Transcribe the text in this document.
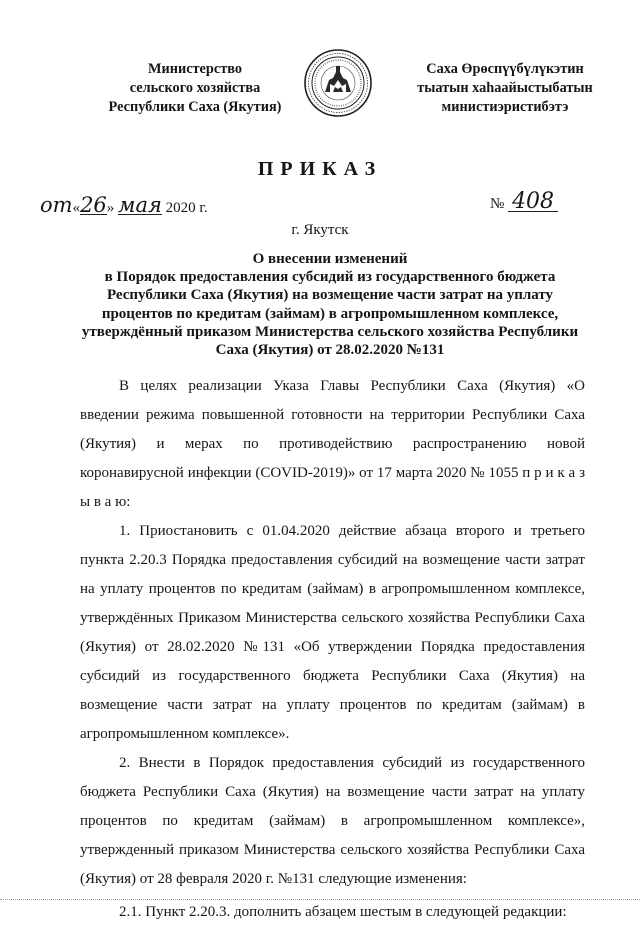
Министерство
сельского хозяйства
Республики Саха (Якутия)
Саха Өрөспүүбүлүкэтин
тыатын хаһаайыстыбатын
министиэристибэтэ
ПРИКАЗ
от«26» мая 2020 г.	№ 408
г. Якутск
О внесении изменений
в Порядок предоставления субсидий из государственного бюджета
Республики Саха (Якутия) на возмещение части затрат на уплату
процентов по кредитам (займам) в агропромышленном комплексе,
утверждённый приказом Министерства сельского хозяйства Республики
Саха (Якутия) от 28.02.2020 №131

В целях реализации Указа Главы Республики Саха (Якутия) «О введении режима повышенной готовности на территории Республики Саха (Якутия) и мерах по противодействию распространению новой коронавирусной инфекции (COVID-2019)» от 17 марта 2020 № 1055 п р и к а з ы в а ю:

1. Приостановить с 01.04.2020 действие абзаца второго и третьего пункта 2.20.3 Порядка предоставления субсидий на возмещение части затрат на уплату процентов по кредитам (займам) в агропромышленном комплексе, утверждённых Приказом Министерства сельского хозяйства Республики Саха (Якутия) от 28.02.2020 №131 «Об утверждении Порядка предоставления субсидий из государственного бюджета Республики Саха (Якутия) на возмещение части затрат на уплату процентов по кредитам (займам) в агропромышленном комплексе».

2. Внести в Порядок предоставления субсидий из государственного бюджета Республики Саха (Якутия) на возмещение части затрат на уплату процентов по кредитам (займам) в агропромышленном комплексе», утвержденный приказом Министерства сельского хозяйства Республики Саха (Якутия) от 28 февраля 2020 г. №131 следующие изменения:

2.1. Пункт 2.20.3. дополнить абзацем шестым в следующей редакции:
